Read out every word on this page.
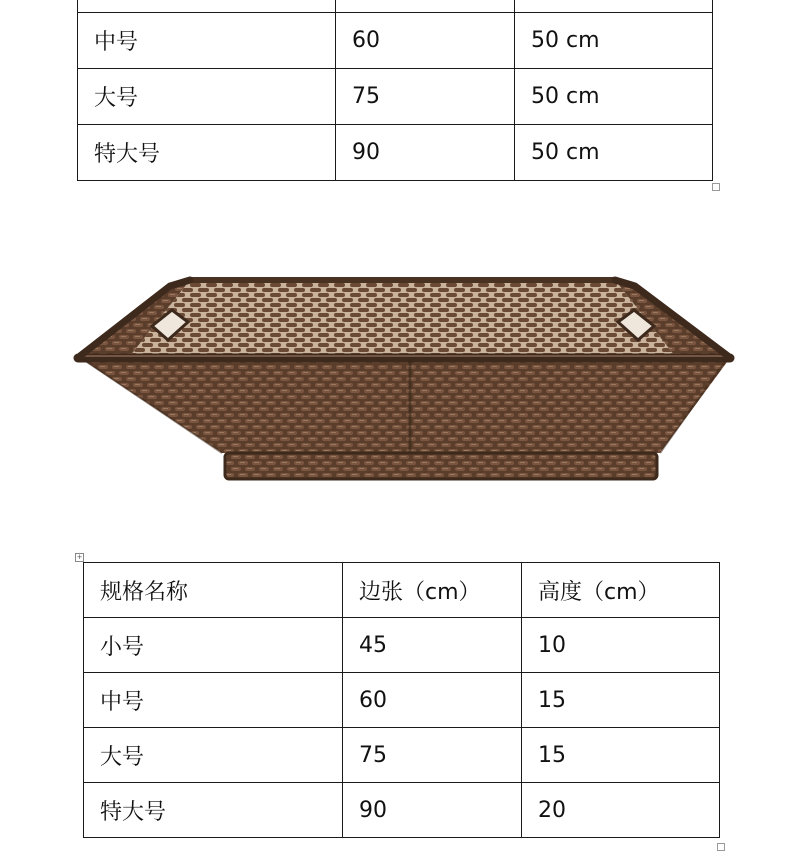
中号	60	50 cm
大号	75	50 cm
特大号	90	50 cm
+
规格名称	边张（cm）	高度（cm）
小号	45	10
中号	60	15
大号	75	15
特大号	90	20
